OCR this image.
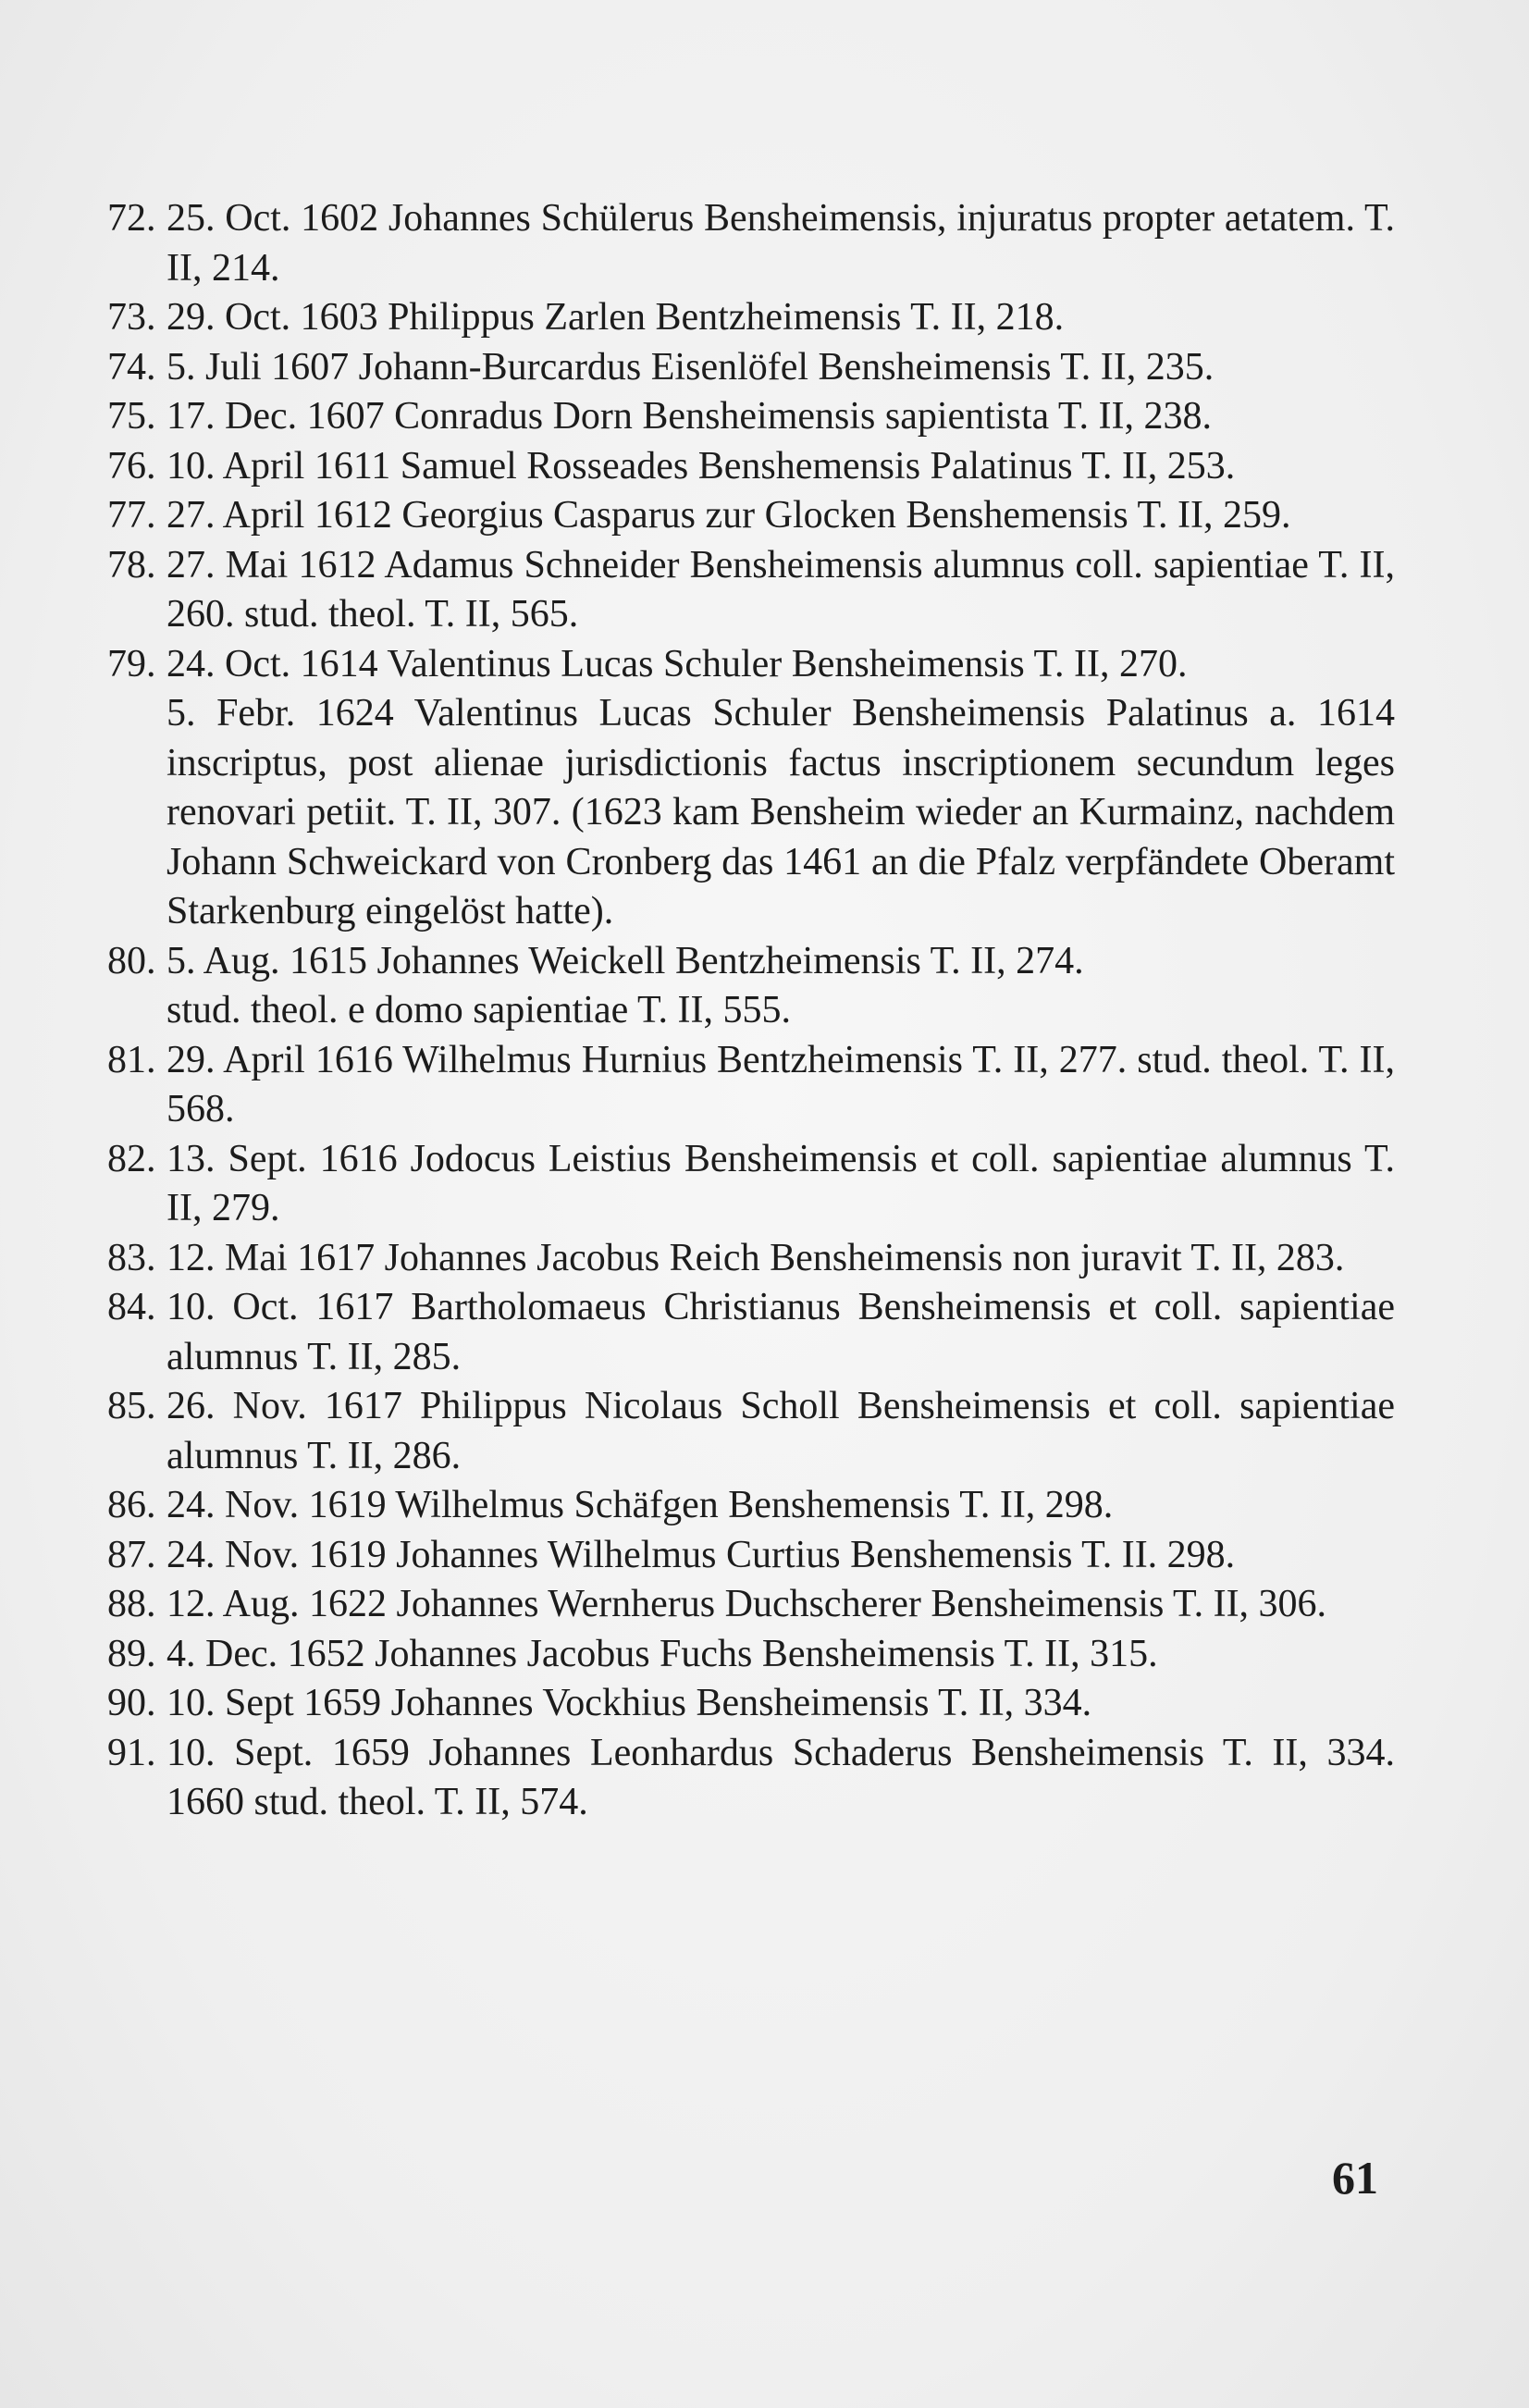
72. 25. Oct. 1602 Johannes Schülerus Bensheimensis, injuratus propter aetatem. T. II, 214.
73. 29. Oct. 1603 Philippus Zarlen Bentzheimensis T. II, 218.
74. 5. Juli 1607 Johann-Burcardus Eisenlöfel Bensheimensis T. II, 235.
75. 17. Dec. 1607 Conradus Dorn Bensheimensis sapientista T. II, 238.
76. 10. April 1611 Samuel Rosseades Benshemensis Palatinus T. II, 253.
77. 27. April 1612 Georgius Casparus zur Glocken Benshemensis T. II, 259.
78. 27. Mai 1612 Adamus Schneider Bensheimensis alumnus coll. sapientiae T. II, 260. stud. theol. T. II, 565.
79. 24. Oct. 1614 Valentinus Lucas Schuler Bensheimensis T. II, 270.
5. Febr. 1624 Valentinus Lucas Schuler Bensheimensis Palatinus a. 1614 inscriptus, post alienae jurisdictionis factus inscriptionem secundum leges renovari petiit. T. II, 307. (1623 kam Bensheim wieder an Kurmainz, nachdem Johann Schweickard von Cronberg das 1461 an die Pfalz verpfändete Oberamt Starkenburg eingelöst hatte).
80. 5. Aug. 1615 Johannes Weickell Bentzheimensis T. II, 274.
stud. theol. e domo sapientiae T. II, 555.
81. 29. April 1616 Wilhelmus Hurnius Bentzheimensis T. II, 277. stud. theol. T. II, 568.
82. 13. Sept. 1616 Jodocus Leistius Bensheimensis et coll. sapientiae alumnus T. II, 279.
83. 12. Mai 1617 Johannes Jacobus Reich Bensheimensis non juravit T. II, 283.
84. 10. Oct. 1617 Bartholomaeus Christianus Bensheimensis et coll. sapientiae alumnus T. II, 285.
85. 26. Nov. 1617 Philippus Nicolaus Scholl Bensheimensis et coll. sapientiae alumnus T. II, 286.
86. 24. Nov. 1619 Wilhelmus Schäfgen Benshemensis T. II, 298.
87. 24. Nov. 1619 Johannes Wilhelmus Curtius Benshemensis T. II. 298.
88. 12. Aug. 1622 Johannes Wernherus Duchscherer Bensheimensis T. II, 306.
89. 4. Dec. 1652 Johannes Jacobus Fuchs Bensheimensis T. II, 315.
90. 10. Sept 1659 Johannes Vockhius Bensheimensis T. II, 334.
91. 10. Sept. 1659 Johannes Leonhardus Schaderus Bensheimensis T. II, 334. 1660 stud. theol. T. II, 574.
61
